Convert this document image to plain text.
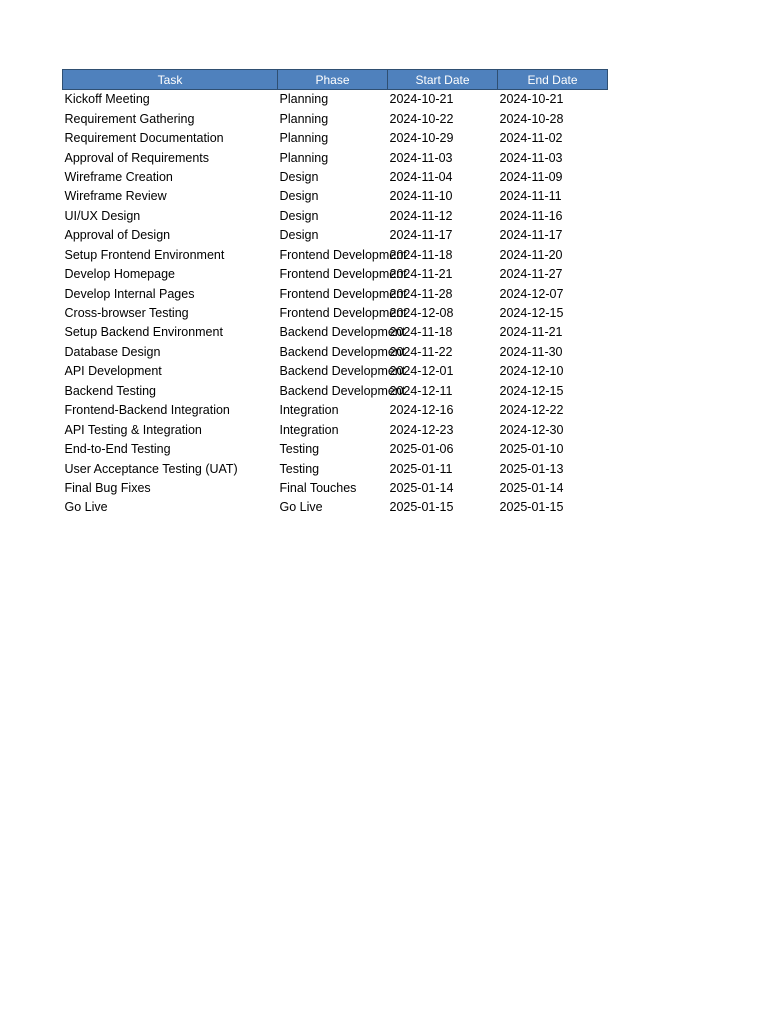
Task	Phase	Start Date	End Date
Kickoff Meeting	Planning	2024-10-21	2024-10-21
Requirement Gathering	Planning	2024-10-22	2024-10-28
Requirement Documentation	Planning	2024-10-29	2024-11-02
Approval of Requirements	Planning	2024-11-03	2024-11-03
Wireframe Creation	Design	2024-11-04	2024-11-09
Wireframe Review	Design	2024-11-10	2024-11-11
UI/UX Design	Design	2024-11-12	2024-11-16
Approval of Design	Design	2024-11-17	2024-11-17
Setup Frontend Environment	Frontend Development	2024-11-18	2024-11-20
Develop Homepage	Frontend Development	2024-11-21	2024-11-27
Develop Internal Pages	Frontend Development	2024-11-28	2024-12-07
Cross-browser Testing	Frontend Development	2024-12-08	2024-12-15
Setup Backend Environment	Backend Development	2024-11-18	2024-11-21
Database Design	Backend Development	2024-11-22	2024-11-30
API Development	Backend Development	2024-12-01	2024-12-10
Backend Testing	Backend Development	2024-12-11	2024-12-15
Frontend-Backend Integration	Integration	2024-12-16	2024-12-22
API Testing & Integration	Integration	2024-12-23	2024-12-30
End-to-End Testing	Testing	2025-01-06	2025-01-10
User Acceptance Testing (UAT)	Testing	2025-01-11	2025-01-13
Final Bug Fixes	Final Touches	2025-01-14	2025-01-14
Go Live	Go Live	2025-01-15	2025-01-15
